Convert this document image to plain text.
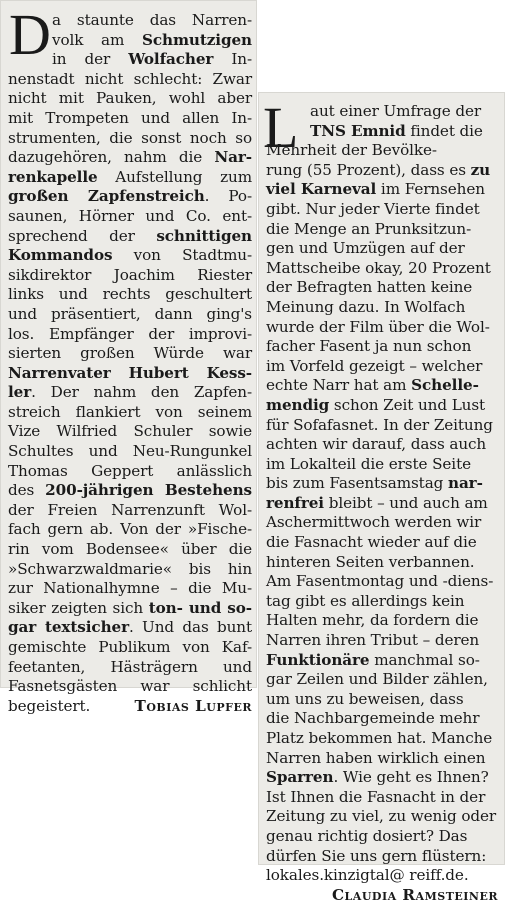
D a staunte das Narren-
volk am Schmutzigen
in der Wolfacher In-
nenstadt nicht schlecht: Zwar
nicht mit Pauken, wohl aber
mit Trompeten und allen In-
strumenten, die sonst noch so
dazugehören, nahm die Nar-
renkapelle Aufstellung zum
großen Zapfenstreich. Po-
saunen, Hörner und Co. ent-
sprechend der schnittigen
Kommandos von Stadtmu-
sikdirektor Joachim Riester
links und rechts geschultert
und präsentiert, dann ging's
los. Empfänger der improvi-
sierten großen Würde war
Narrenvater Hubert Kess-
ler. Der nahm den Zapfen-
streich flankiert von seinem
Vize Wilfried Schuler sowie
Schultes und Neu-Rungunkel
Thomas Geppert anlässlich
des 200-jährigen Bestehens
der Freien Narrenzunft Wol-
fach gern ab. Von der »Fische-
rin vom Bodensee« über die
»Schwarzwaldmarie« bis hin
zur Nationalhymne – die Mu-
siker zeigten sich ton- und so-
gar textsicher. Und das bunt
gemischte Publikum von Kaf-
feetanten, Hästrägern und
Fasnetsgästen war schlicht
begeistert.	Tobias Lupfer
L aut einer Umfrage der
TNS Emnid findet die
Mehrheit der Bevölke-
rung (55 Prozent), dass es zu
viel Karneval im Fernsehen
gibt. Nur jeder Vierte findet
die Menge an Prunksitzun-
gen und Umzügen auf der
Mattscheibe okay, 20 Prozent
der Befragten hatten keine
Meinung dazu. In Wolfach
wurde der Film über die Wol-
facher Fasent ja nun schon
im Vorfeld gezeigt – welcher
echte Narr hat am Schelle-
mendig schon Zeit und Lust
für Sofafasnet. In der Zeitung
achten wir darauf, dass auch
im Lokalteil die erste Seite
bis zum Fasentsamstag nar-
renfrei bleibt – und auch am
Aschermittwoch werden wir
die Fasnacht wieder auf die
hinteren Seiten verbannen.
Am Fasentmontag und -diens-
tag gibt es allerdings kein
Halten mehr, da fordern die
Narren ihren Tribut – deren
Funktionäre manchmal so-
gar Zeilen und Bilder zählen,
um uns zu beweisen, dass
die Nachbargemeinde mehr
Platz bekommen hat. Manche
Narren haben wirklich einen
Sparren. Wie geht es Ihnen?
Ist Ihnen die Fasnacht in der
Zeitung zu viel, zu wenig oder
genau richtig dosiert? Das
dürfen Sie uns gern flüstern:
lokales.kinzigtal@ reiff.de.
Claudia Ramsteiner
